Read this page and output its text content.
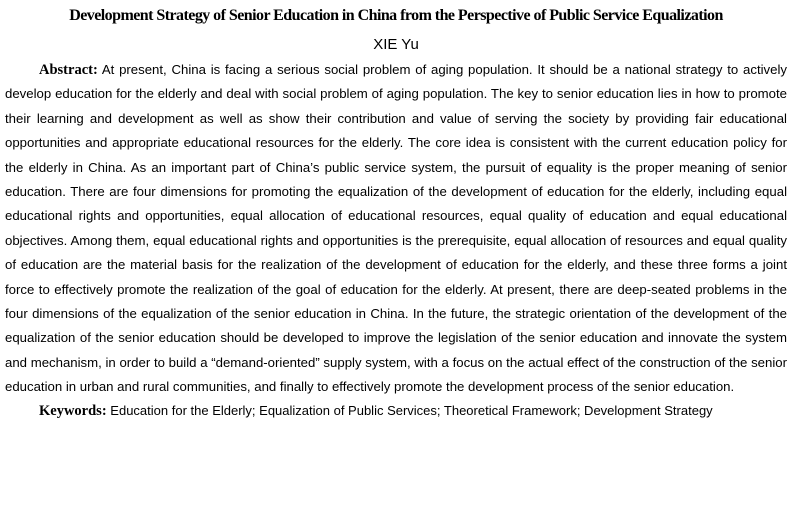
Development Strategy of Senior Education in China from the Perspective of Public Service Equalization
XIE Yu

Abstract: At present, China is facing a serious social problem of aging population. It should be a national strategy to actively develop education for the elderly and deal with social problem of aging population. The key to senior education lies in how to promote their learning and development as well as show their contribution and value of serving the society by providing fair educational opportunities and appropriate educational resources for the elderly. The core idea is consistent with the current education policy for the elderly in China. As an important part of China’s public service system, the pursuit of equality is the proper meaning of senior education. There are four dimensions for promoting the equalization of the development of education for the elderly, including equal educational rights and opportunities, equal allocation of educational resources, equal quality of education and equal educational objectives. Among them, equal educational rights and opportunities is the prerequisite, equal allocation of resources and equal quality of education are the material basis for the realization of the development of education for the elderly, and these three forms a joint force to effectively promote the realization of the goal of education for the elderly. At present, there are deep-seated problems in the four dimensions of the equalization of the senior education in China. In the future, the strategic orientation of the development of the equalization of the senior education should be developed to improve the legislation of the senior education and innovate the system and mechanism, in order to build a “demand-oriented” supply system, with a focus on the actual effect of the construction of the senior education in urban and rural communities, and finally to effectively promote the development process of the senior education.

Keywords: Education for the Elderly; Equalization of Public Services; Theoretical Framework; Development Strategy
